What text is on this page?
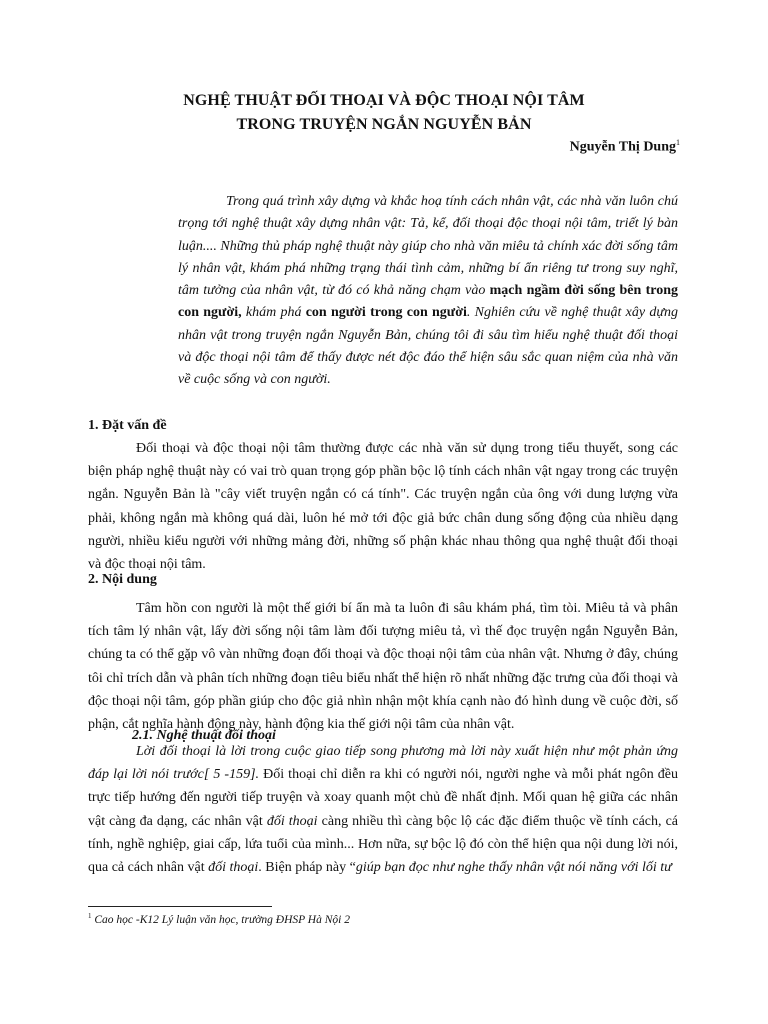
NGHỆ THUẬT ĐỐI THOẠI VÀ ĐỘC THOẠI NỘI TÂM
TRONG TRUYỆN NGẮN NGUYỄN BẢN
Nguyễn Thị Dung$^1$
Trong quá trình xây dựng và khắc hoạ tính cách nhân vật, các nhà văn luôn chú trọng tới nghệ thuật xây dựng nhân vật: Tả, kể, đối thoại độc thoại nội tâm, triết lý bàn luận.... Những thủ pháp nghệ thuật này giúp cho nhà văn miêu tả chính xác đời sống tâm lý nhân vật, khám phá những trạng thái tình cảm, những bí ẩn riêng tư trong suy nghĩ, tâm tưởng của nhân vật, từ đó có khả năng chạm vào mạch ngầm đời sống bên trong con người, khám phá con người trong con người. Nghiên cứu về nghệ thuật xây dựng nhân vật trong truyện ngắn Nguyễn Bản, chúng tôi đi sâu tìm hiểu nghệ thuật đối thoại và độc thoại nội tâm để thấy được nét độc đáo thể hiện sâu sắc quan niệm của nhà văn về cuộc sống và con người.
1. Đặt vấn đề
Đối thoại và độc thoại nội tâm thường được các nhà văn sử dụng trong tiểu thuyết, song các biện pháp nghệ thuật này có vai trò quan trọng góp phần bộc lộ tính cách nhân vật ngay trong các truyện ngắn. Nguyễn Bản là "cây viết truyện ngắn có cá tính". Các truyện ngắn của ông với dung lượng vừa phải, không ngắn mà không quá dài, luôn hé mở tới độc giả bức chân dung sống động của nhiều dạng người, nhiều kiểu người với những mảng đời, những số phận khác nhau thông qua nghệ thuật đối thoại và độc thoại nội tâm.
2. Nội dung
Tâm hồn con người là một thế giới bí ẩn mà ta luôn đi sâu khám phá, tìm tòi. Miêu tả và phân tích tâm lý nhân vật, lấy đời sống nội tâm làm đối tượng miêu tả, vì thế đọc truyện ngắn Nguyễn Bản, chúng ta có thể gặp vô vàn những đoạn đối thoại và độc thoại nội tâm của nhân vật. Nhưng ở đây, chúng tôi chỉ trích dẫn và phân tích những đoạn tiêu biểu nhất thể hiện rõ nhất những đặc trưng của đối thoại và độc thoại nội tâm, góp phần giúp cho độc giả nhìn nhận một khía cạnh nào đó hình dung về cuộc đời, số phận, cắt nghĩa hành động này, hành động kia thế giới nội tâm của nhân vật.
2.1. Nghệ thuật đối thoại
Lời đối thoại là lời trong cuộc giao tiếp song phương mà lời này xuất hiện như một phản ứng đáp lại lời nói trước[ 5 -159]. Đối thoại chỉ diễn ra khi có người nói, người nghe và mỗi phát ngôn đều trực tiếp hướng đến người tiếp truyện và xoay quanh một chủ đề nhất định. Mối quan hệ giữa các nhân vật càng đa dạng, các nhân vật đối thoại càng nhiều thì càng bộc lộ các đặc điểm thuộc về tính cách, cá tính, nghề nghiệp, giai cấp, lứa tuổi của mình... Hơn nữa, sự bộc lộ đó còn thể hiện qua nội dung lời nói, qua cả cách nhân vật đối thoại. Biện pháp này “giúp bạn đọc như nghe thấy nhân vật nói năng với lối tư
$^1$ Cao học -K12 Lý luận văn học, trường ĐHSP Hà Nội 2
